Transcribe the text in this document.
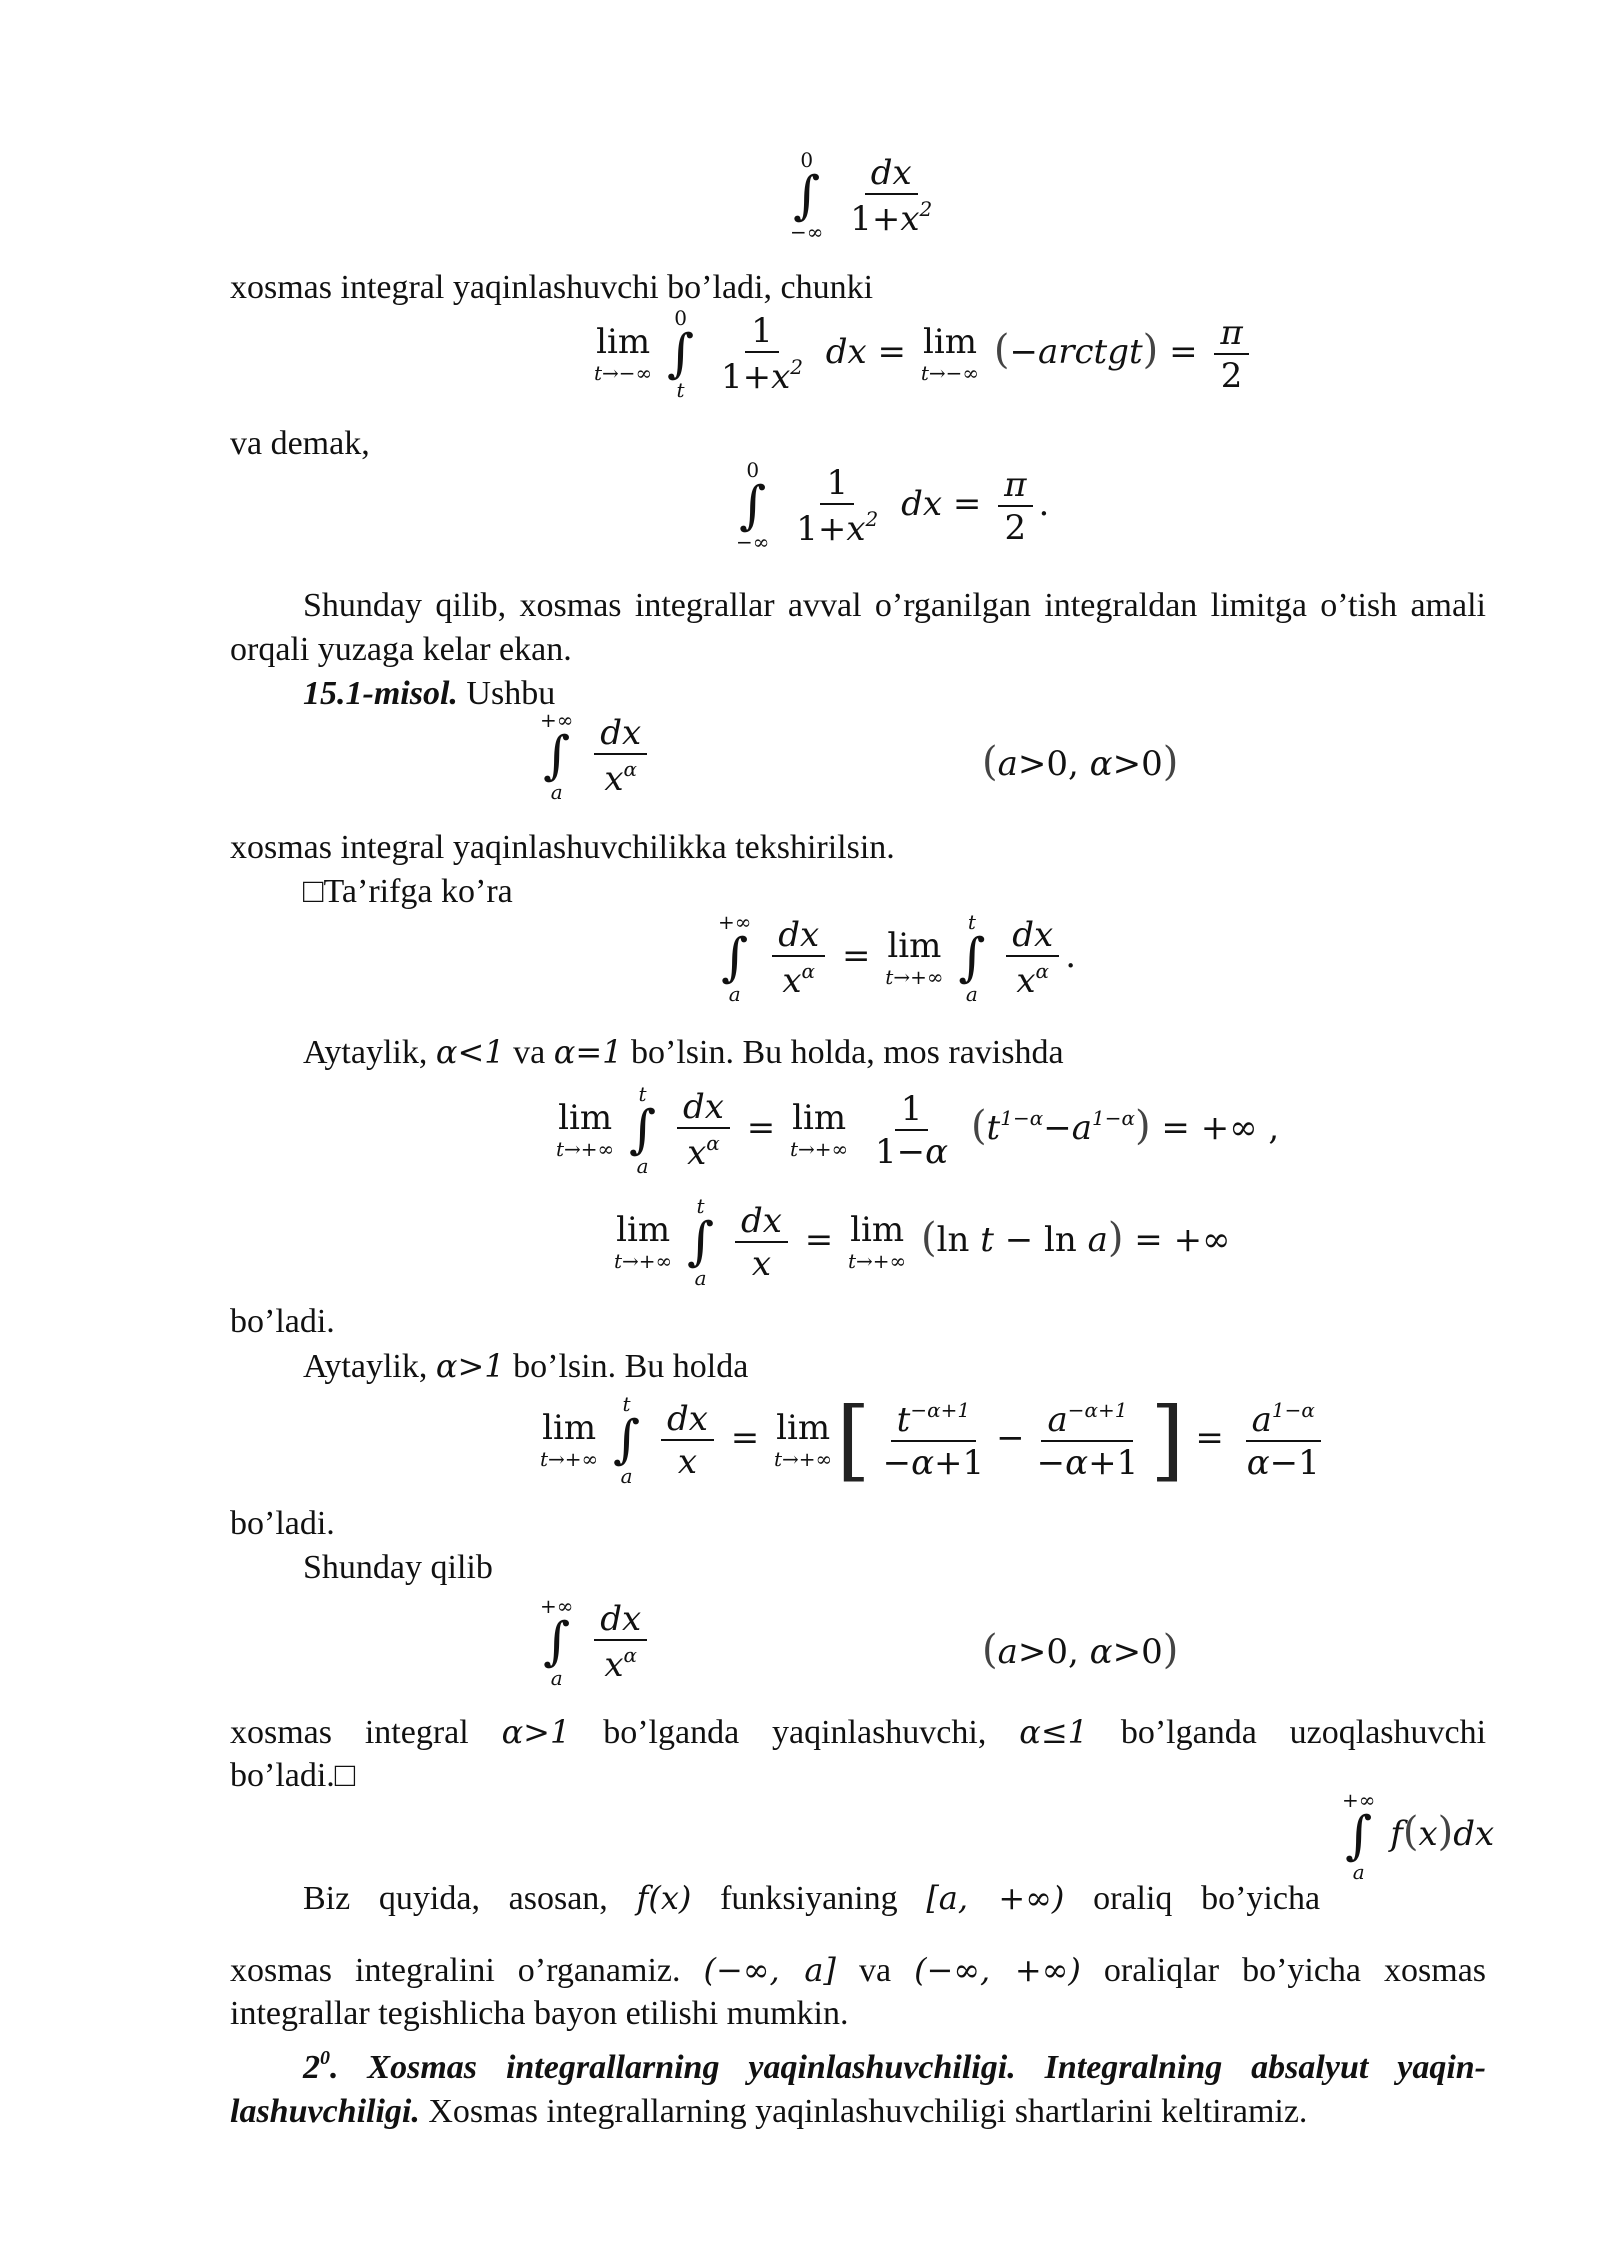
0
∫
−∞
$\frac{dx}{1+x^2}$
xosmas integral yaqinlashuvchi bo’ladi, chunki
lim
t→−∞

0
∫
t
$\frac{1}{1+x^2}$ dx = lim
t→−∞ (−arctgt) = $\frac{\pi}{2}$
va demak,
0
∫
−∞
$\frac{1}{1+x^2}$ dx = $\frac{\pi}{2}$ .
Shunday qilib, xosmas integrallar avval o’rganilgan integraldan limitga o’tish amali orqali yuzaga kelar ekan.
15.1-misol. Ushbu
+∞
∫
a
$\frac{dx}{x^\alpha}$	(a>0, α>0)
xosmas integral yaqinlashuvchilikka tekshirilsin.
□Ta’rifga ko’ra
+∞
∫
a
$\frac{dx}{x^\alpha} = \lim$
t→+∞

t
∫
a
$\frac{dx}{x^\alpha}$ .
Aytaylik, α<1 va α=1 bo’lsin. Bu holda, mos ravishda
lim
t→+∞

t
∫
a
$\frac{dx}{x^\alpha} = \lim$
t→+∞
$\frac{1}{1-\alpha} (t^{1-\alpha}-a^{1-\alpha})$ = +∞ ,
lim
t→+∞

t
∫
a
$\frac{dx}{x} = \lim$
t→+∞ (ln t − ln a) = +∞
bo’ladi.
Aytaylik, α>1 bo’lsin. Bu holda
lim
t→+∞

t
∫
a
$\frac{dx}{x} = \lim$
t→+∞ [ $\frac{t^{-\alpha+1}}{-\alpha+1} - \frac{a^{-\alpha+1}}{-\alpha+1}$ ] = $\frac{a^{1-\alpha}}{\alpha-1}$
bo’ladi.
Shunday qilib
+∞
∫
a
$\frac{dx}{x^\alpha}$	(a>0, α>0)
xosmas integral α>1 bo’lganda yaqinlashuvchi, α≤1 bo’lganda uzoqlashuvchi
bo’ladi.□
+∞
∫
a
f(x)dx
Biz quyida, asosan, f(x) funksiyaning [a, +∞) oraliq bo’yicha
xosmas integralini o’rganamiz. (−∞, a] va (−∞, +∞) oraliqlar bo’yicha xosmas
integrallar tegishlicha bayon etilishi mumkin.
$2^0$. Xosmas integrallarning yaqinlashuvchiligi. Integralning absalyut yaqin- lashuvchiligi. Xosmas integrallarning yaqinlashuvchiligi shartlarini keltiramiz.
